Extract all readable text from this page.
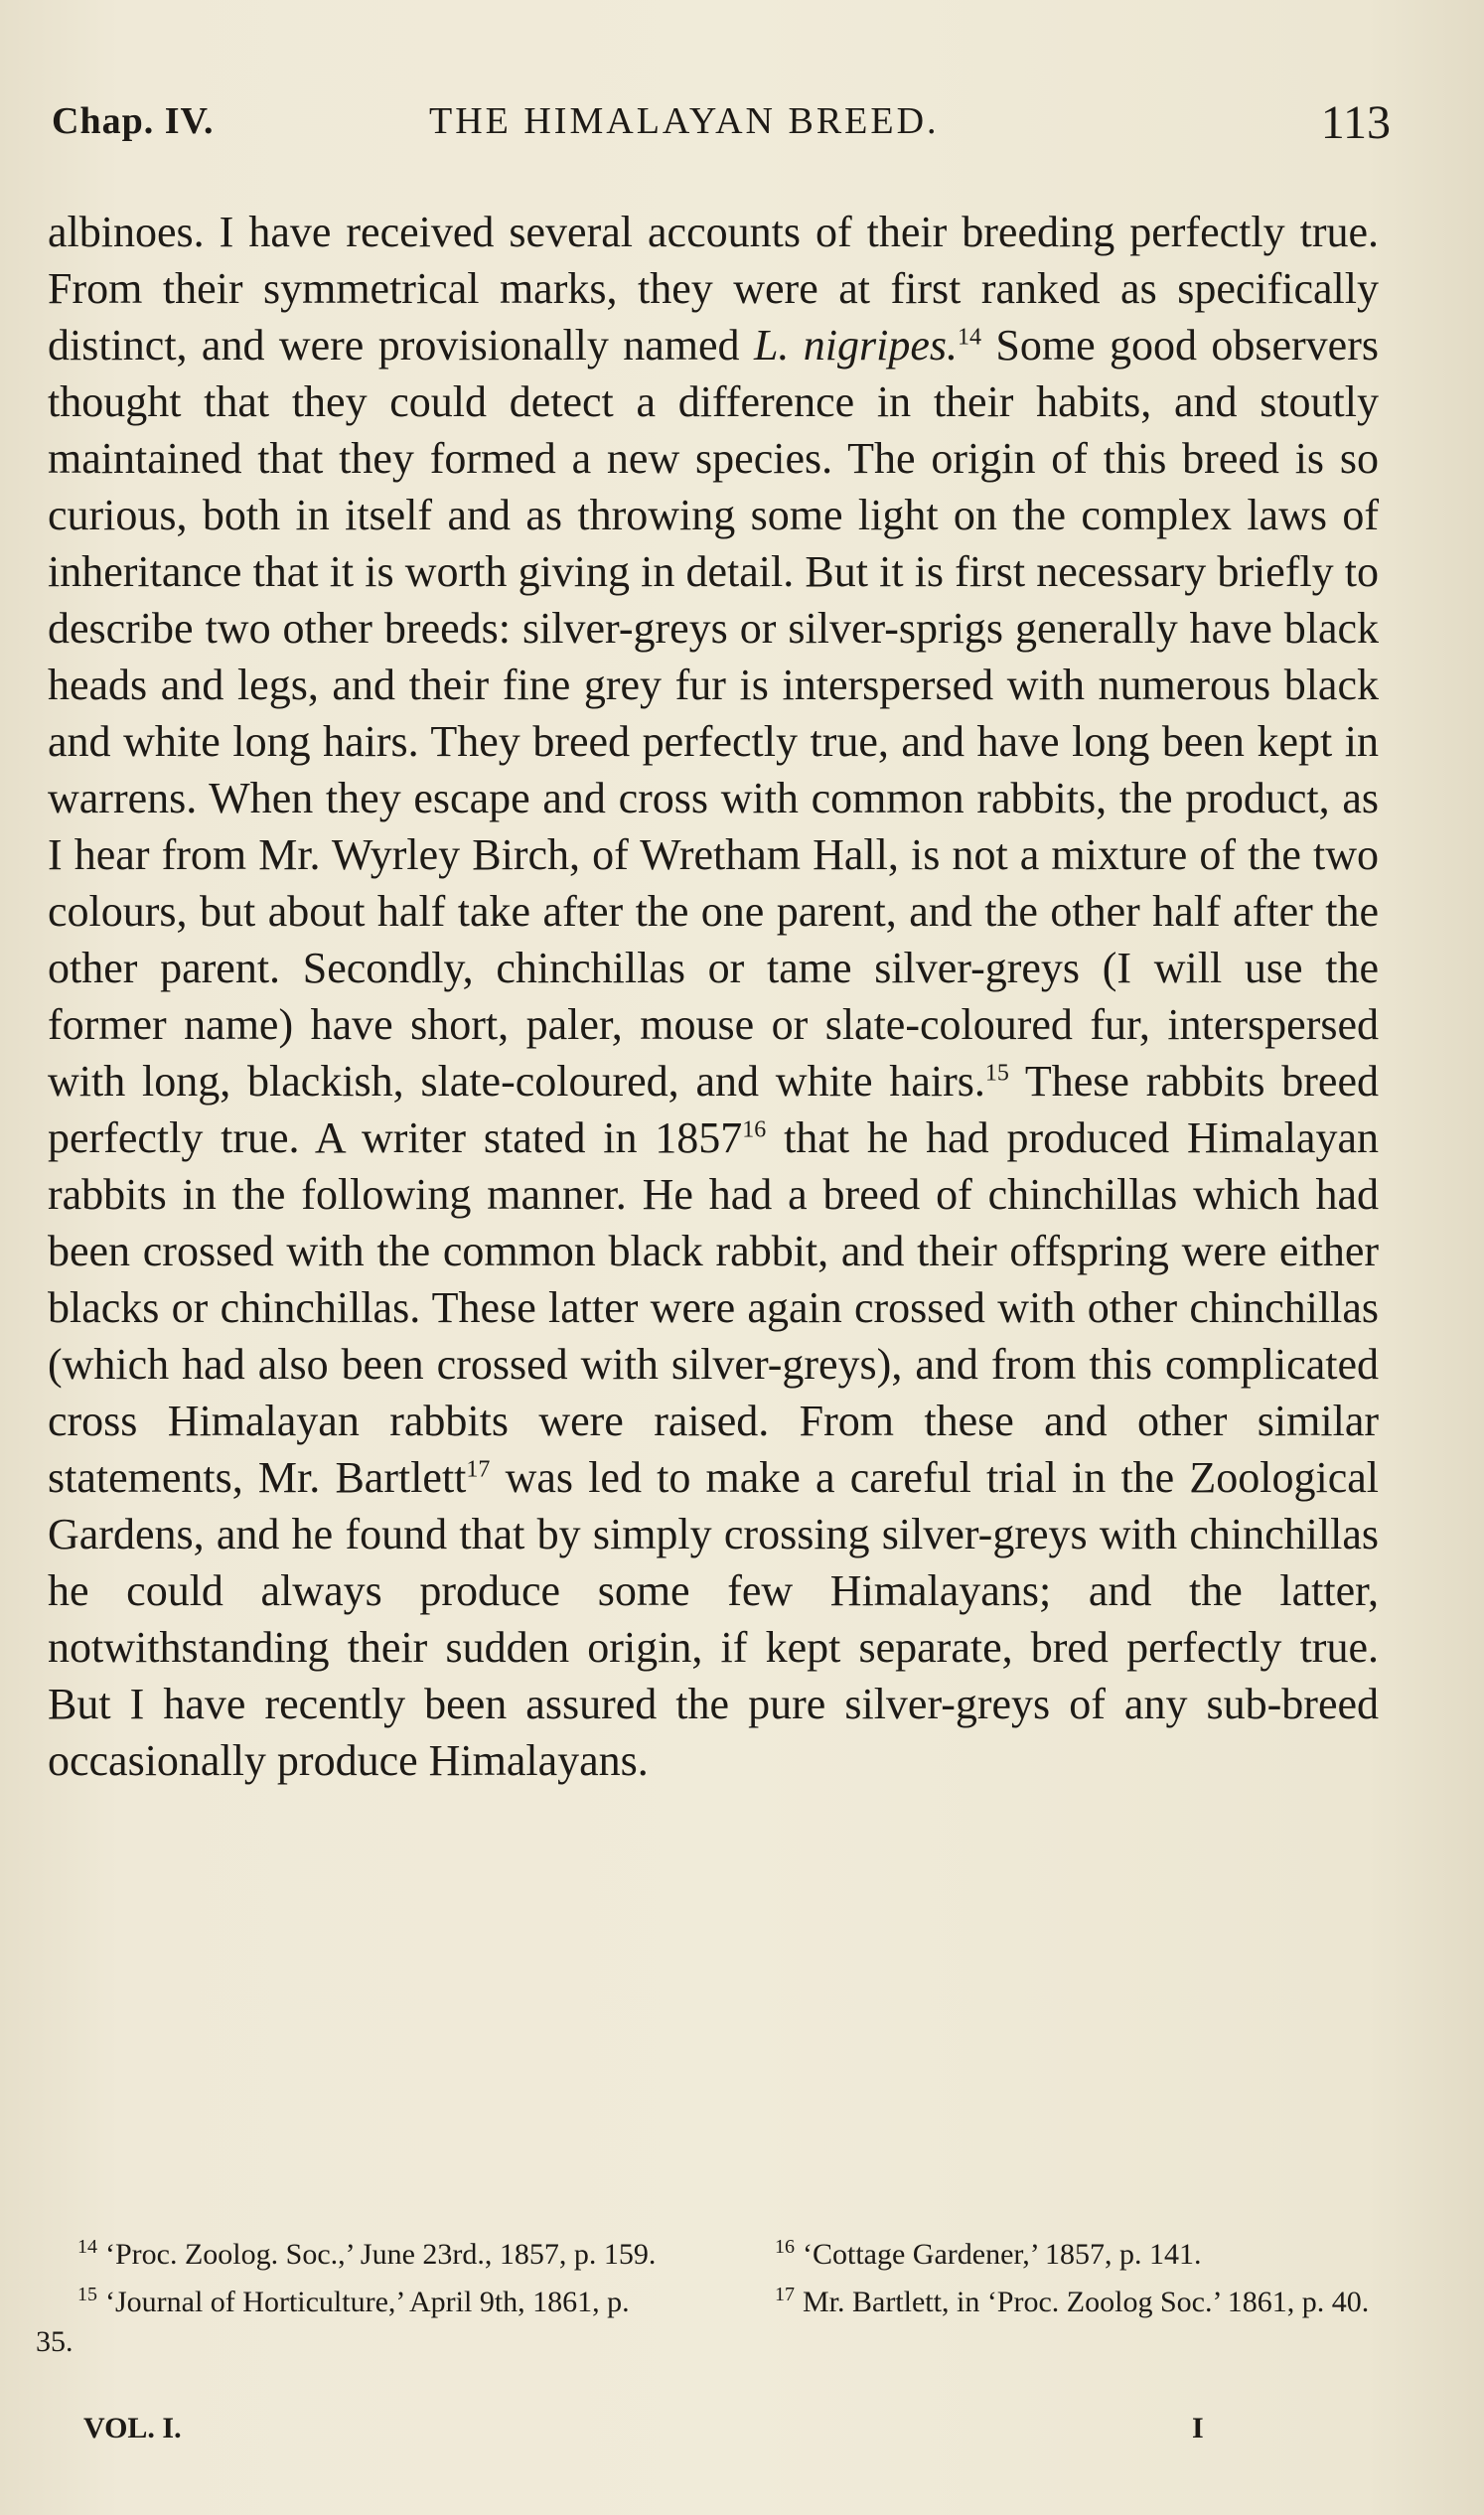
Chap. IV.	THE HIMALAYAN BREED.	113

albinoes. I have received several accounts of their breeding perfectly true. From their symmetrical marks, they were at first ranked as specifically distinct, and were provisionally named L. nigripes.$^{14}$ Some good observers thought that they could detect a difference in their habits, and stoutly maintained that they formed a new species. The origin of this breed is so curious, both in itself and as throwing some light on the complex laws of inheritance that it is worth giving in detail. But it is first necessary briefly to describe two other breeds: silver-greys or silver-sprigs generally have black heads and legs, and their fine grey fur is interspersed with numerous black and white long hairs. They breed perfectly true, and have long been kept in warrens. When they escape and cross with common rabbits, the product, as I hear from Mr. Wyrley Birch, of Wretham Hall, is not a mixture of the two colours, but about half take after the one parent, and the other half after the other parent. Secondly, chinchillas or tame silver-greys (I will use the former name) have short, paler, mouse or slate-coloured fur, interspersed with long, blackish, slate-coloured, and white hairs.$^{15}$ These rabbits breed perfectly true. A writer stated in 1857$^{16}$ that he had produced Himalayan rabbits in the following manner. He had a breed of chinchillas which had been crossed with the common black rabbit, and their offspring were either blacks or chinchillas. These latter were again crossed with other chinchillas (which had also been crossed with silver-greys), and from this complicated cross Himalayan rabbits were raised. From these and other similar statements, Mr. Bartlett$^{17}$ was led to make a careful trial in the Zoological Gardens, and he found that by simply crossing silver-greys with chinchillas he could always produce some few Himalayans; and the latter, notwithstanding their sudden origin, if kept separate, bred perfectly true. But I have recently been assured the pure silver-greys of any sub-breed occasionally produce Himalayans.

$^{14}$ ‘Proc. Zoolog. Soc.,’ June 23rd., 1857, p. 159.

$^{15}$ ‘Journal of Horticulture,’ April 9th, 1861, p. 35.

$^{16}$ ‘Cottage Gardener,’ 1857, p. 141.

$^{17}$ Mr. Bartlett, in ‘Proc. Zoolog Soc.’ 1861, p. 40.

VOL. I.	I
